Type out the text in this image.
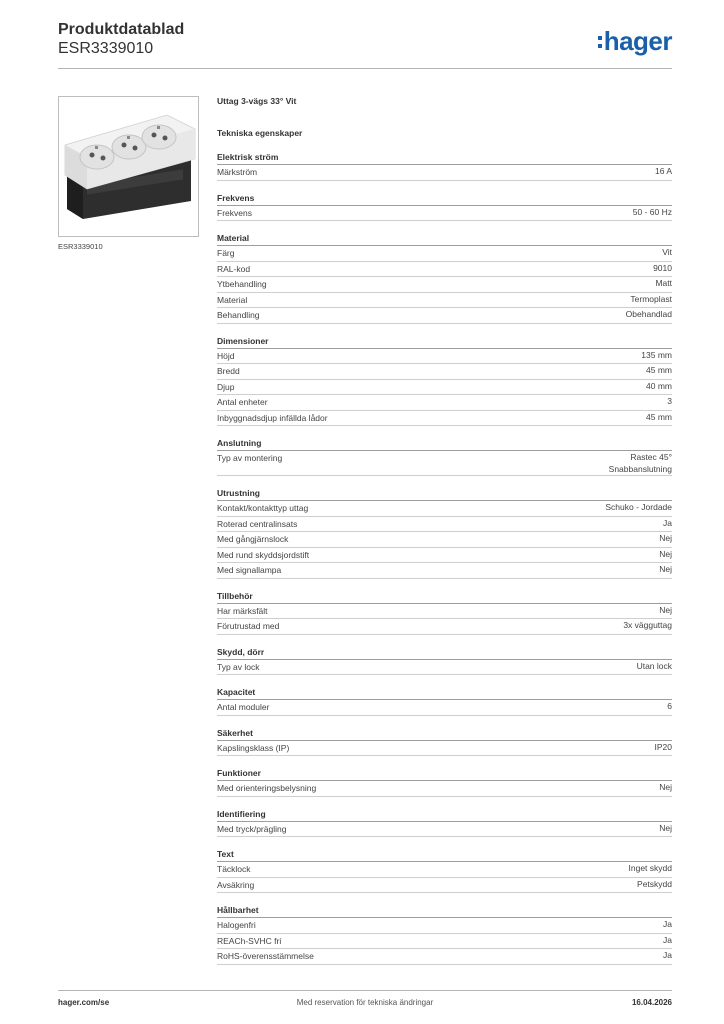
Produktdatablad
ESR3339010	hager
ESR3339010
Uttag 3-vägs 33° Vit
Tekniska egenskaper
Elektrisk ström
Märkström	16 A
Frekvens
Frekvens	50 - 60 Hz
Material
Färg	Vit
RAL-kod	9010
Ytbehandling	Matt
Material	Termoplast
Behandling	Obehandlad
Dimensioner
Höjd	135 mm
Bredd	45 mm
Djup	40 mm
Antal enheter	3
Inbyggnadsdjup infällda lådor	45 mm
Anslutning
Typ av montering	Rastec 45°
Snabbanslutning
Utrustning
Kontakt/kontakttyp uttag	Schuko - Jordade
Roterad centralinsats	Ja
Med gångjärnslock	Nej
Med rund skyddsjordstift	Nej
Med signallampa	Nej
Tillbehör
Har märksfält	Nej
Förutrustad med	3x vägguttag
Skydd, dörr
Typ av lock	Utan lock
Kapacitet
Antal moduler	6
Säkerhet
Kapslingsklass (IP)	IP20
Funktioner
Med orienteringsbelysning	Nej
Identifiering
Med tryck/prägling	Nej
Text
Täcklock	Inget skydd
Avsäkring	Petskydd
Hållbarhet
Halogenfri	Ja
REACh-SVHC fri	Ja
RoHS-överensstämmelse	Ja
hager.com/se	Med reservation för tekniska ändringar	16.04.2026
